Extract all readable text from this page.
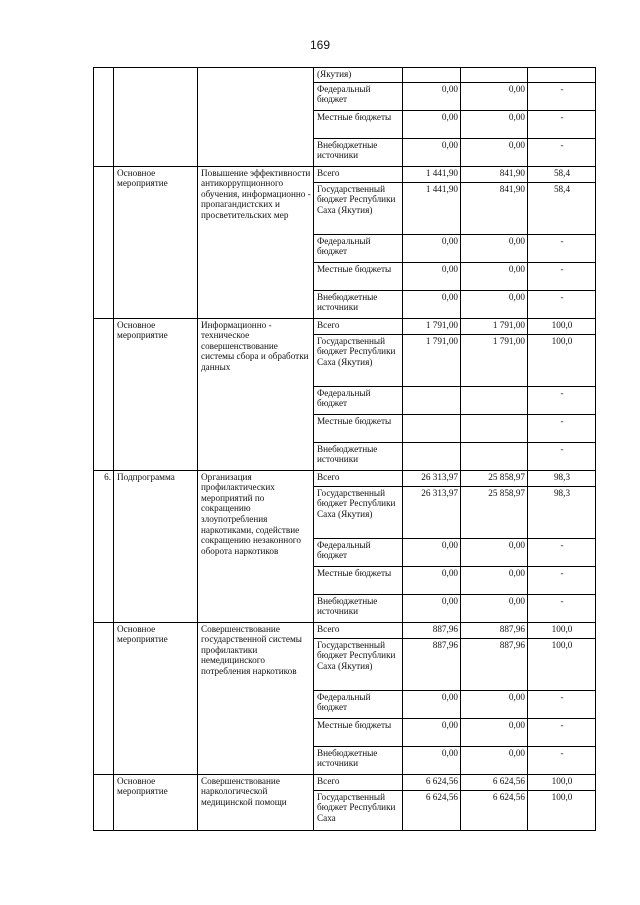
169
			(Якутия)			
			Федеральный бюджет	0,00	0,00	-
			Местные бюджеты	0,00	0,00	-
			Внебюджетные источники	0,00	0,00	-
	Основное мероприятие	Повышение эффективности антикоррупционного обучения, информационно - пропагандистских и просветительских мер	Всего	1 441,90	841,90	58,4
			Государственный бюджет Республики Саха (Якутия)	1 441,90	841,90	58,4
			Федеральный бюджет	0,00	0,00	-
			Местные бюджеты	0,00	0,00	-
			Внебюджетные источники	0,00	0,00	-
	Основное мероприятие	Информационно - техническое совершенствование системы сбора и обработки данных	Всего	1 791,00	1 791,00	100,0
			Государственный бюджет Республики Саха (Якутия)	1 791,00	1 791,00	100,0
			Федеральный бюджет			-
			Местные бюджеты			-
			Внебюджетные источники			-
6.	Подпрограмма	Организация профилактических мероприятий по сокращению злоупотребления наркотиками, содействие сокращению незаконного оборота наркотиков	Всего	26 313,97	25 858,97	98,3
			Государственный бюджет Республики Саха (Якутия)	26 313,97	25 858,97	98,3
			Федеральный бюджет	0,00	0,00	-
			Местные бюджеты	0,00	0,00	-
			Внебюджетные источники	0,00	0,00	-
	Основное мероприятие	Совершенствование государственной системы профилактики немедицинского потребления наркотиков	Всего	887,96	887,96	100,0
			Государственный бюджет Республики Саха (Якутия)	887,96	887,96	100,0
			Федеральный бюджет	0,00	0,00	-
			Местные бюджеты	0,00	0,00	-
			Внебюджетные источники	0,00	0,00	-
	Основное мероприятие	Совершенствование наркологической медицинской помощи	Всего	6 624,56	6 624,56	100,0
			Государственный бюджет Республики Саха	6 624,56	6 624,56	100,0
